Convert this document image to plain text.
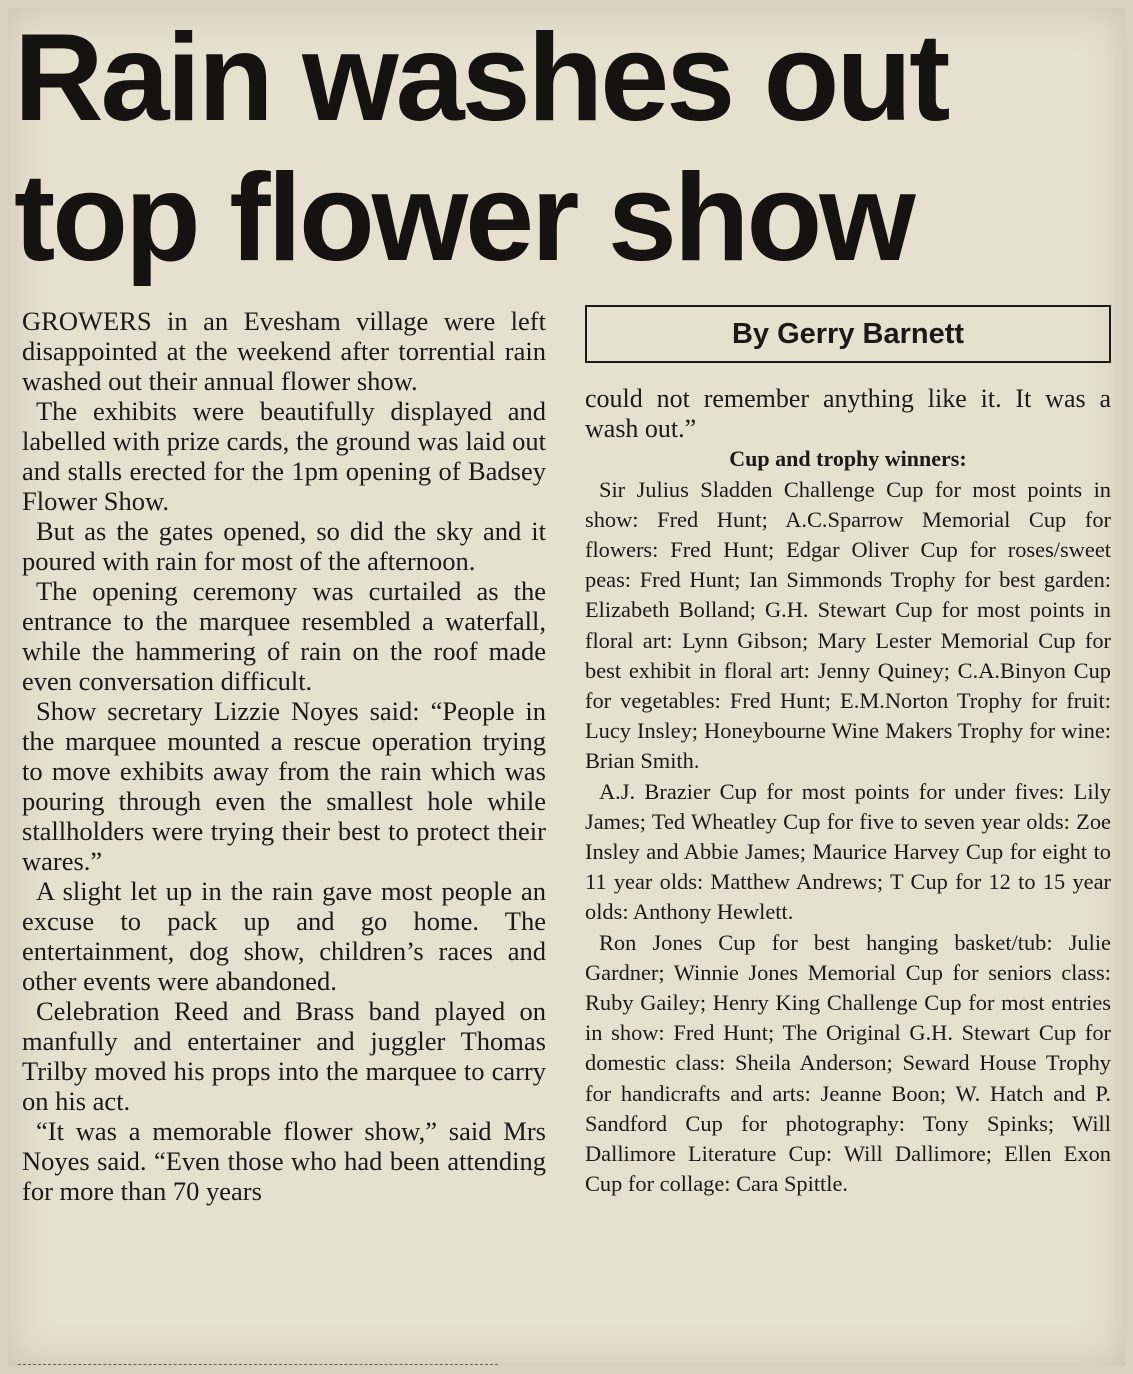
Rain washes out
top flower show

GROWERS in an Evesham village were left disappointed at the weekend after torrential rain washed out their annual flower show.

The exhibits were beautifully displayed and labelled with prize cards, the ground was laid out and stalls erected for the 1pm opening of Badsey Flower Show.

But as the gates opened, so did the sky and it poured with rain for most of the afternoon.

The opening ceremony was curtailed as the entrance to the marquee resembled a waterfall, while the hammering of rain on the roof made even conversation difficult.

Show secretary Lizzie Noyes said: “People in the marquee mounted a rescue operation trying to move exhibits away from the rain which was pouring through even the smallest hole while stallholders were trying their best to protect their wares.”

A slight let up in the rain gave most people an excuse to pack up and go home. The entertainment, dog show, children’s races and other events were abandoned.

Celebration Reed and Brass band played on manfully and entertainer and juggler Thomas Trilby moved his props into the marquee to carry on his act.

“It was a memorable flower show,” said Mrs Noyes said. “Even those who had been attending for more than 70 years

By Gerry Barnett

could not remember anything like it. It was a wash out.”

Cup and trophy winners:

Sir Julius Sladden Challenge Cup for most points in show: Fred Hunt; A.C.Sparrow Memorial Cup for flowers: Fred Hunt; Edgar Oliver Cup for roses/sweet peas: Fred Hunt; Ian Simmonds Trophy for best garden: Elizabeth Bolland; G.H. Stewart Cup for most points in floral art: Lynn Gibson; Mary Lester Memorial Cup for best exhibit in floral art: Jenny Quiney; C.A.Binyon Cup for vegetables: Fred Hunt; E.M.Norton Trophy for fruit: Lucy Insley; Honeybourne Wine Makers Trophy for wine: Brian Smith.

A.J. Brazier Cup for most points for under fives: Lily James; Ted Wheatley Cup for five to seven year olds: Zoe Insley and Abbie James; Maurice Harvey Cup for eight to 11 year olds: Matthew Andrews; T Cup for 12 to 15 year olds: Anthony Hewlett.

Ron Jones Cup for best hanging basket/tub: Julie Gardner; Winnie Jones Memorial Cup for seniors class: Ruby Gailey; Henry King Challenge Cup for most entries in show: Fred Hunt; The Original G.H. Stewart Cup for domestic class: Sheila Anderson; Seward House Trophy for handicrafts and arts: Jeanne Boon; W. Hatch and P. Sandford Cup for photography: Tony Spinks; Will Dallimore Literature Cup: Will Dallimore; Ellen Exon Cup for collage: Cara Spittle.
